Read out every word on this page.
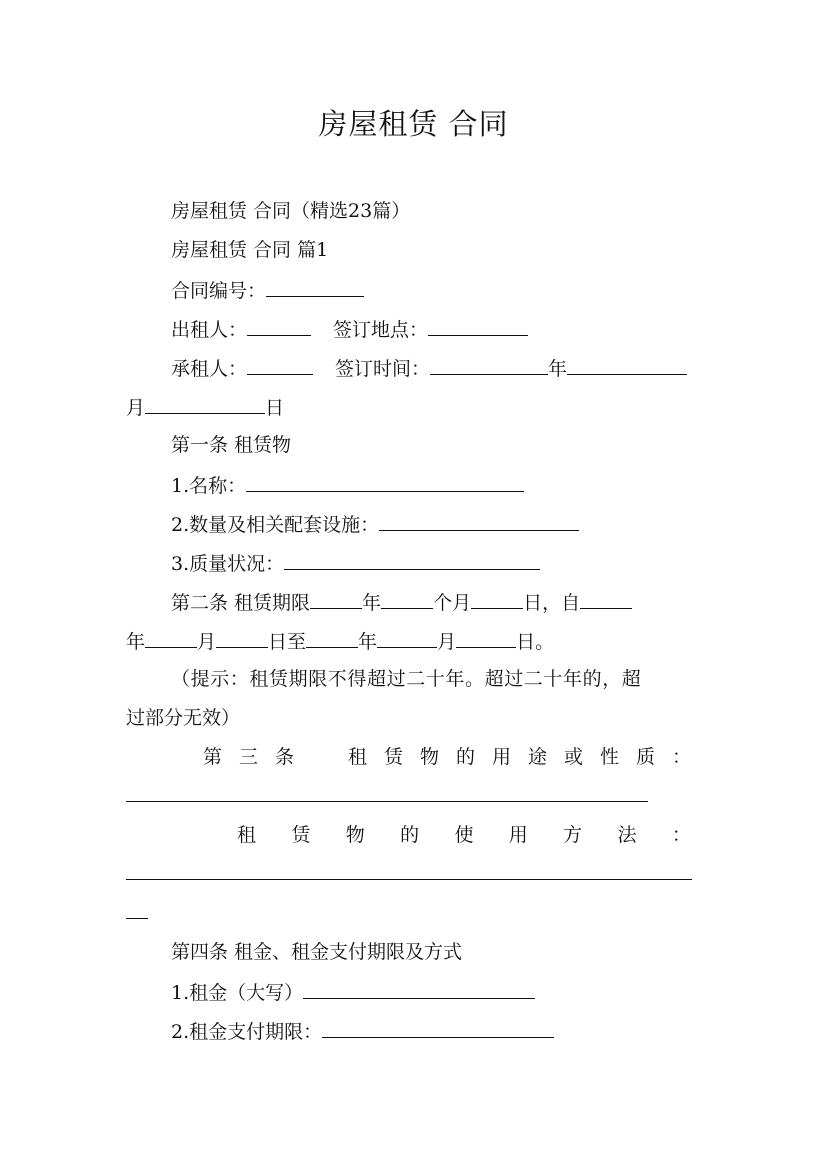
房屋租赁 合同
房屋租赁 合同（精选23篇）
房屋租赁 合同 篇1
合同编号：
出租人：	签订地点：
承租人：	签订时间：	年
月	日
第一条 租赁物
1.名称：
2.数量及相关配套设施：
3.质量状况：
第二条 租赁期限	年	个月	日，自
年	月	日至	年	月	日。
（提示：租赁期限不得超过二十年。超过二十年的，超
过部分无效）
第 三 条	租 赁 物 的 用 途 或 性 质 ：
租 赁 物 的 使 用 方 法 ：
第四条 租金、租金支付期限及方式
1.租金（大写）
2.租金支付期限：
